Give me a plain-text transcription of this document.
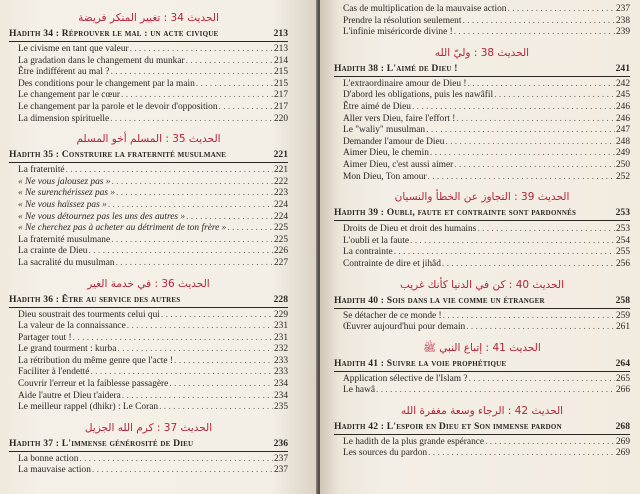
الحديث 34 : تغيير المنكر فريضة
Hadith 34 : Réprouver le mal : un acte civique	213
Le civisme en tant que valeur . . .	213
La gradation dans le changement du munkar . . .	214
Être indifférent au mal ? . . .	215
Des conditions pour le changement par la main . . .	215
Le changement par le cœur . . .	217
Le changement par la parole et le devoir d'opposition . . .	217
La dimension spirituelle . . .	220
الحديث 35 : المسلم أخو المسلم
Hadith 35 : Construire la fraternité musulmane	221
La fraternité . . .	221
« Ne vous jalousez pas » . . .	222
« Ne surenchérissez pas » . . .	223
« Ne vous haïssez pas » . . .	224
« Ne vous détournez pas les uns des autres » . . .	224
« Ne cherchez pas à acheter au détriment de ton frère » . . .	225
La fraternité musulmane . . .	225
La crainte de Dieu . . .	226
La sacralité du musulman . . .	227
الحديث 36 : في خدمة الغير
Hadith 36 : Être au service des autres	228
Dieu soustrait des tourments celui qui . . .	229
La valeur de la connaissance . . .	231
Partager tout ! . . .	231
Le grand tourment : kurba . . .	232
La rétribution du même genre que l'acte ! . . .	233
Faciliter à l'endetté . . .	233
Couvrir l'erreur et la faiblesse passagère . . .	234
Aide l'autre et Dieu t'aidera . . .	234
Le meilleur rappel (dhikr) : Le Coran . . .	235
الحديث 37 : كرم الله الجزيل
Hadith 37 : L'immense générosité de Dieu	236
La bonne action . . .	237
La mauvaise action . . .	237
Cas de multiplication de la mauvaise action . . .	237
Prendre la résolution seulement . . .	238
L'infinie miséricorde divine ! . . .	239
الحديث 38 : وليّ الله
Hadith 38 : L'aimé de Dieu !	241
L'extraordinaire amour de Dieu ! . . .	242
D'abord les obligations, puis les nawâfil . . .	245
Être aimé de Dieu . . .	246
Aller vers Dieu, faire l'effort ! . . .	246
Le "waliy" musulman . . .	247
Demander l'amour de Dieu . . .	248
Aimer Dieu, le chemin . . .	249
Aimer Dieu, c'est aussi aimer . . .	250
Mon Dieu, Ton amour . . .	252
الحديث 39 : التجاوز عن الخطأ والنسيان
Hadith 39 : Oubli, faute et contrainte sont pardonnés	253
Droits de Dieu et droit des humains . . .	253
L'oubli et la faute . . .	254
La contrainte . . .	255
Contrainte de dire et jihâd . . .	256
الحديث 40 : كن في الدنيا كأنك غريب
Hadith 40 : Sois dans la vie comme un étranger	258
Se détacher de ce monde ! . . .	259
Œuvrer aujourd'hui pour demain . . .	261
الحديث 41 : إتباع النبي ﷺ
Hadith 41 : Suivre la voie prophétique	264
Application sélective de l'Islam ? . . .	265
Le hawâ . . .	266
الحديث 42 : الرجاء وسعة مغفرة الله
Hadith 42 : L'espoir en Dieu et Son immense pardon	268
Le hadith de la plus grande espérance . . .	269
Les sources du pardon . . .	269
